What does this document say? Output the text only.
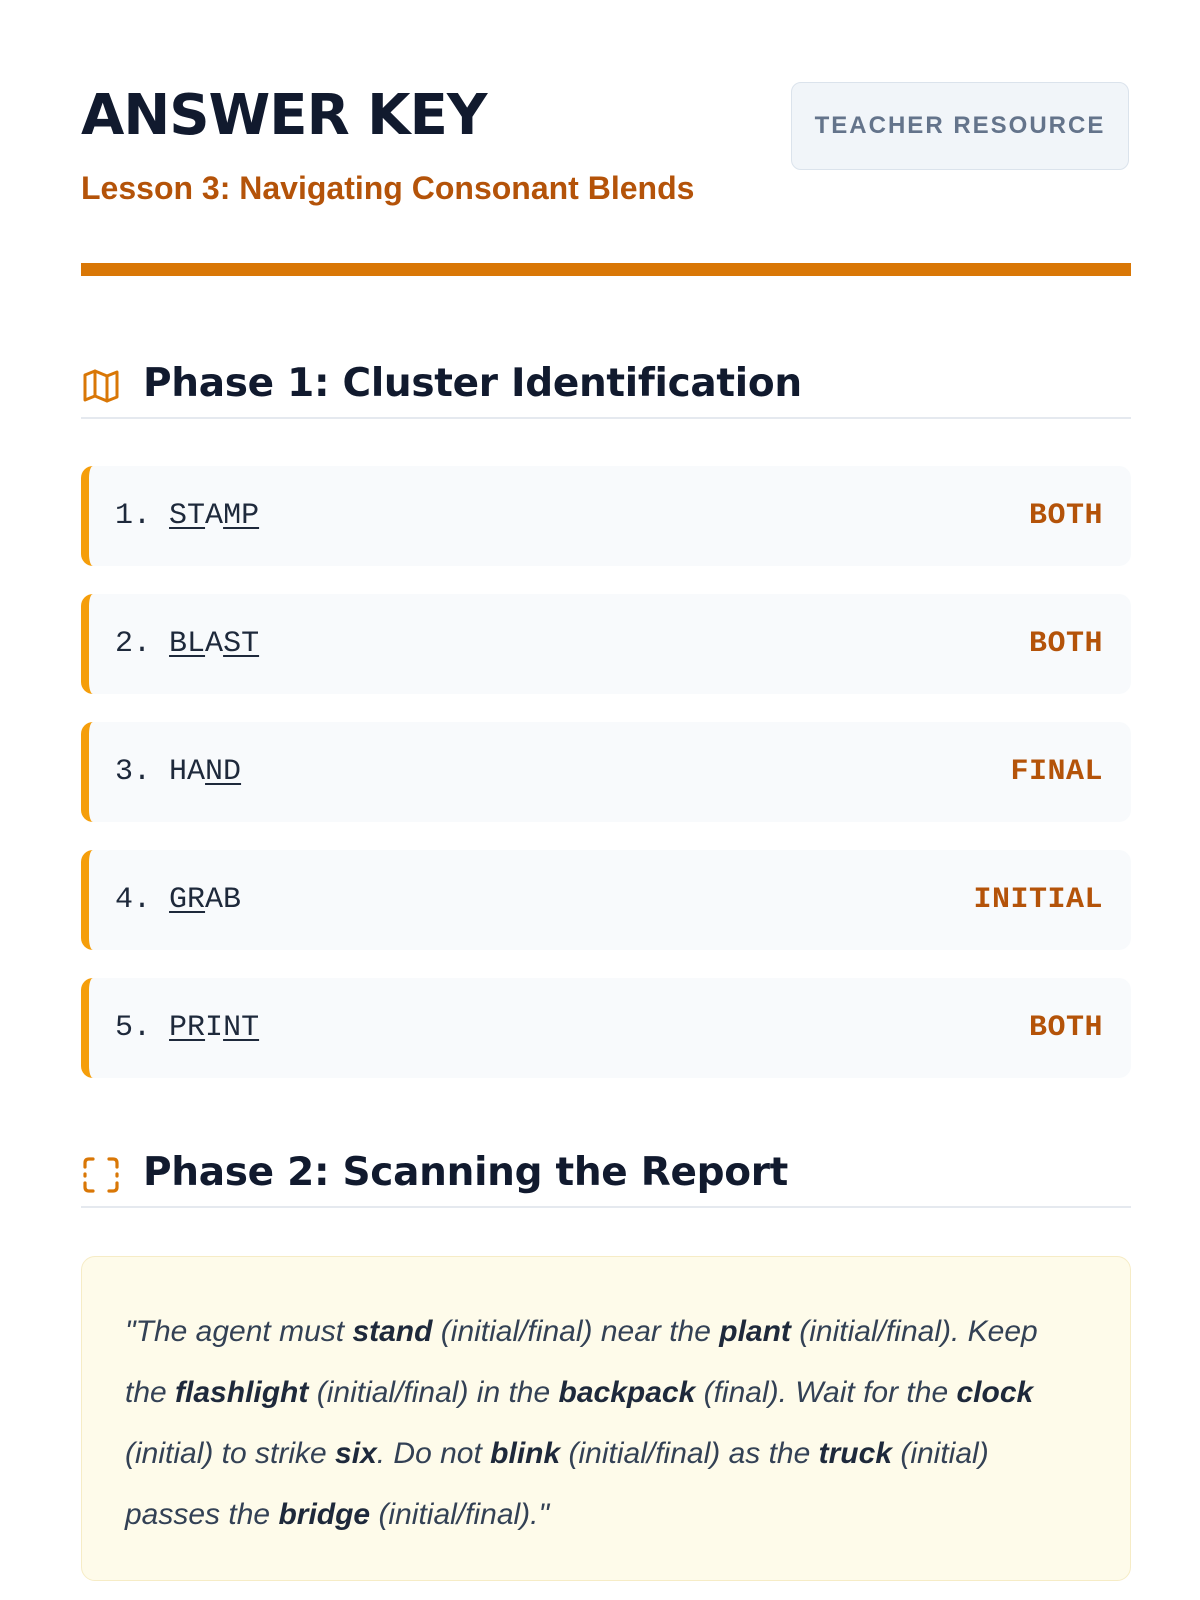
ANSWER KEY
Lesson 3: Navigating Consonant Blends
TEACHER RESOURCE
Phase 1: Cluster Identification
1. STAMP	BOTH
2. BLAST	BOTH
3. HAND	FINAL
4. GRAB	INITIAL
5. PRINT	BOTH
Phase 2: Scanning the Report

"The agent must stand (initial/final) near the plant (initial/final). Keep the flashlight (initial/final) in the backpack (final). Wait for the clock (initial) to strike six. Do not blink (initial/final) as the truck (initial) passes the bridge (initial/final)."
